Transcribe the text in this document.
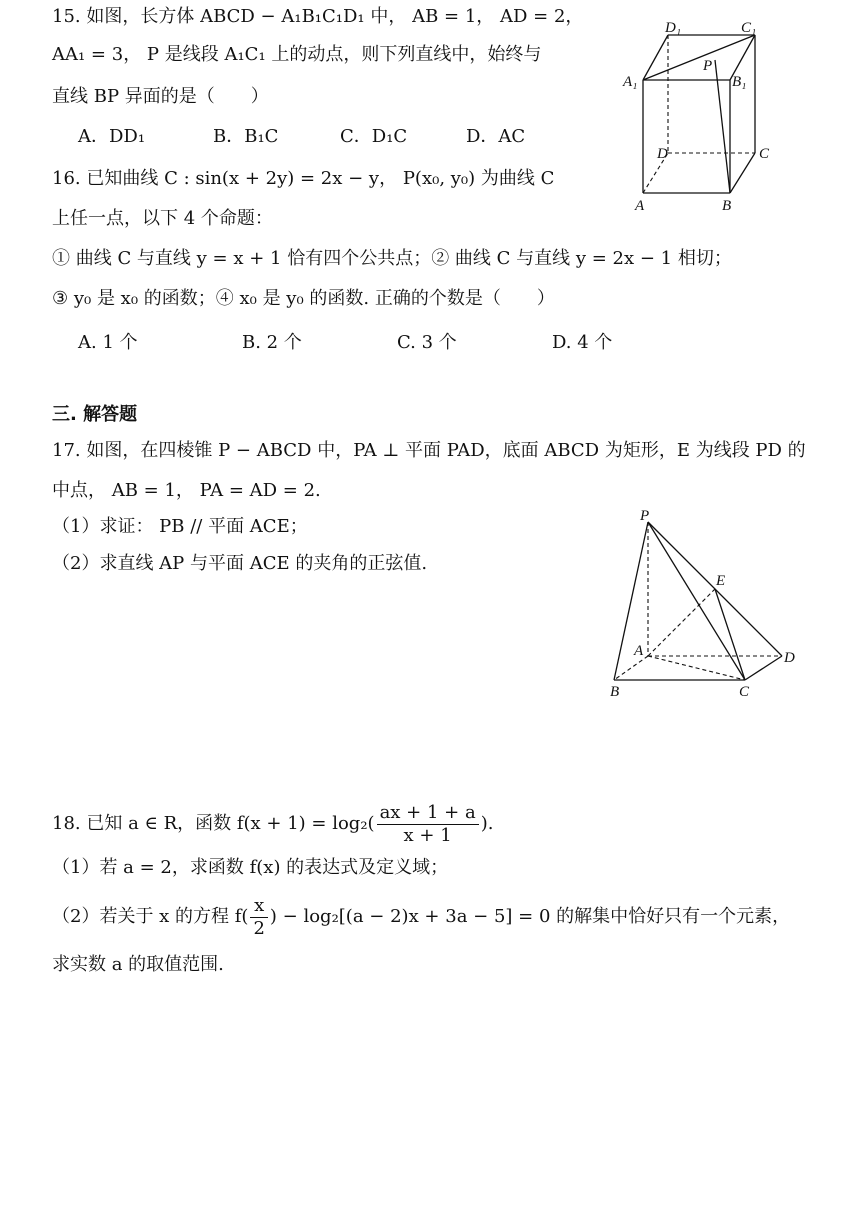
15. 如图，长方体 ABCD − A₁B₁C₁D₁ 中， AB = 1， AD = 2，
AA₁ = 3， P 是线段 A₁C₁ 上的动点，则下列直线中，始终与
直线 BP 异面的是（　　）
A．DD₁	B．B₁C	C．D₁C	D．AC
D₁	C₁
A₁	B₁
P
D	C
A	B
16. 已知曲线 C : sin(x + 2y) = 2x − y， P(x₀, y₀) 为曲线 C
上任一点，以下 4 个命题：
① 曲线 C 与直线 y = x + 1 恰有四个公共点；② 曲线 C 与直线 y = 2x − 1 相切；
③ y₀ 是 x₀ 的函数；④ x₀ 是 y₀ 的函数. 正确的个数是（　　）
A. 1 个	B. 2 个	C. 3 个	D. 4 个
三. 解答题
17. 如图，在四棱锥 P − ABCD 中，PA ⊥ 平面 PAD，底面 ABCD 为矩形，E 为线段 PD 的
中点， AB = 1， PA = AD = 2.
（1）求证： PB // 平面 ACE；
（2）求直线 AP 与平面 ACE 的夹角的正弦值.
P
E
A	D
B	C
18. 已知 a ∈ R，函数 $f(x + 1) = \log_2( \frac{ax + 1 + a}{x + 1}$ ).
（1）若 a = 2，求函数 f(x) 的表达式及定义域；
（2）若关于 x 的方程 $f( \frac{x}{2}$ ) − log₂[(a − 2)x + 3a − 5] = 0 的解集中恰好只有一个元素，
求实数 a 的取值范围.
